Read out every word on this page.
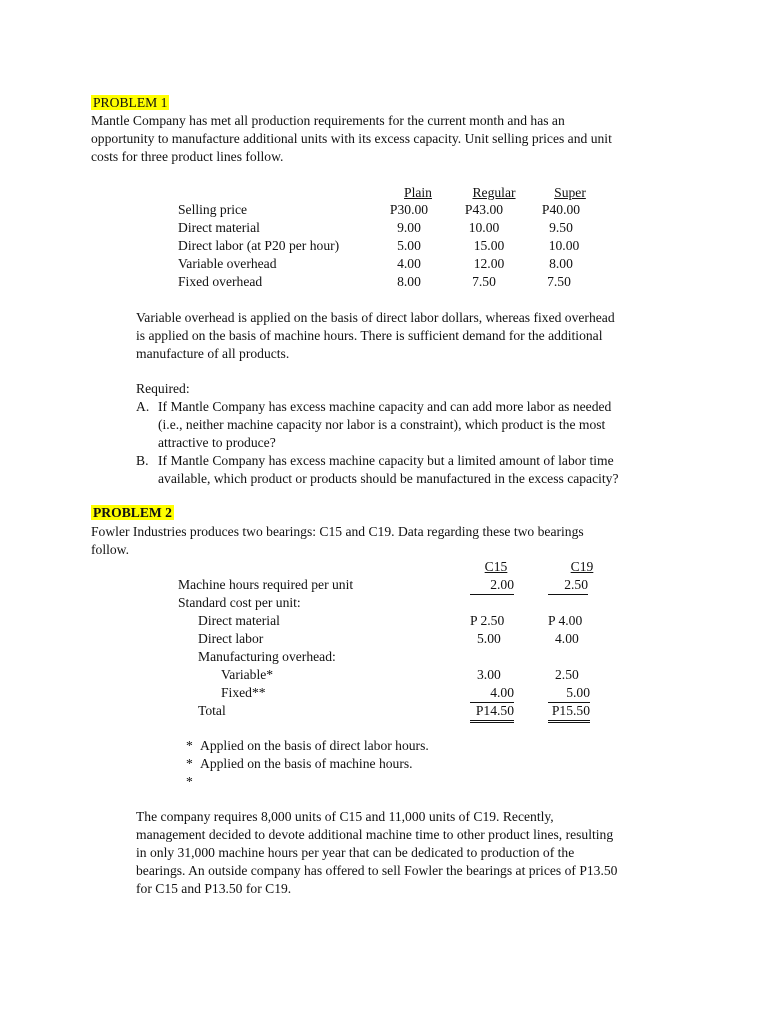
PROBLEM 1
Mantle Company has met all production requirements for the current month and has an
opportunity to manufacture additional units with its excess capacity. Unit selling prices and unit
costs for three product lines follow.
Plain	Regular	Super
Selling price	P30.00	P43.00	P40.00
Direct material	9.00	10.00	9.50
Direct labor (at P20 per hour)	5.00	15.00	10.00
Variable overhead	4.00	12.00	8.00
Fixed overhead	8.00	7.50	7.50
Variable overhead is applied on the basis of direct labor dollars, whereas fixed overhead
is applied on the basis of machine hours. There is sufficient demand for the additional
manufacture of all products.
Required:
A. If Mantle Company has excess machine capacity and can add more labor as needed
(i.e., neither machine capacity nor labor is a constraint), which product is the most
attractive to produce?
B. If Mantle Company has excess machine capacity but a limited amount of labor time
available, which product or products should be manufactured in the excess capacity?
PROBLEM 2
Fowler Industries produces two bearings: C15 and C19. Data regarding these two bearings
follow.
C15	C19
Machine hours required per unit	2.00	2.50
Standard cost per unit:
Direct material	P 2.50	P 4.00
Direct labor	5.00	4.00
Manufacturing overhead:
Variable*	3.00	2.50
Fixed**	4.00	5.00
Total	P14.50	P15.50
* Applied on the basis of direct labor hours.
* Applied on the basis of machine hours.
*
The company requires 8,000 units of C15 and 11,000 units of C19. Recently,
management decided to devote additional machine time to other product lines, resulting
in only 31,000 machine hours per year that can be dedicated to production of the
bearings. An outside company has offered to sell Fowler the bearings at prices of P13.50
for C15 and P13.50 for C19.
